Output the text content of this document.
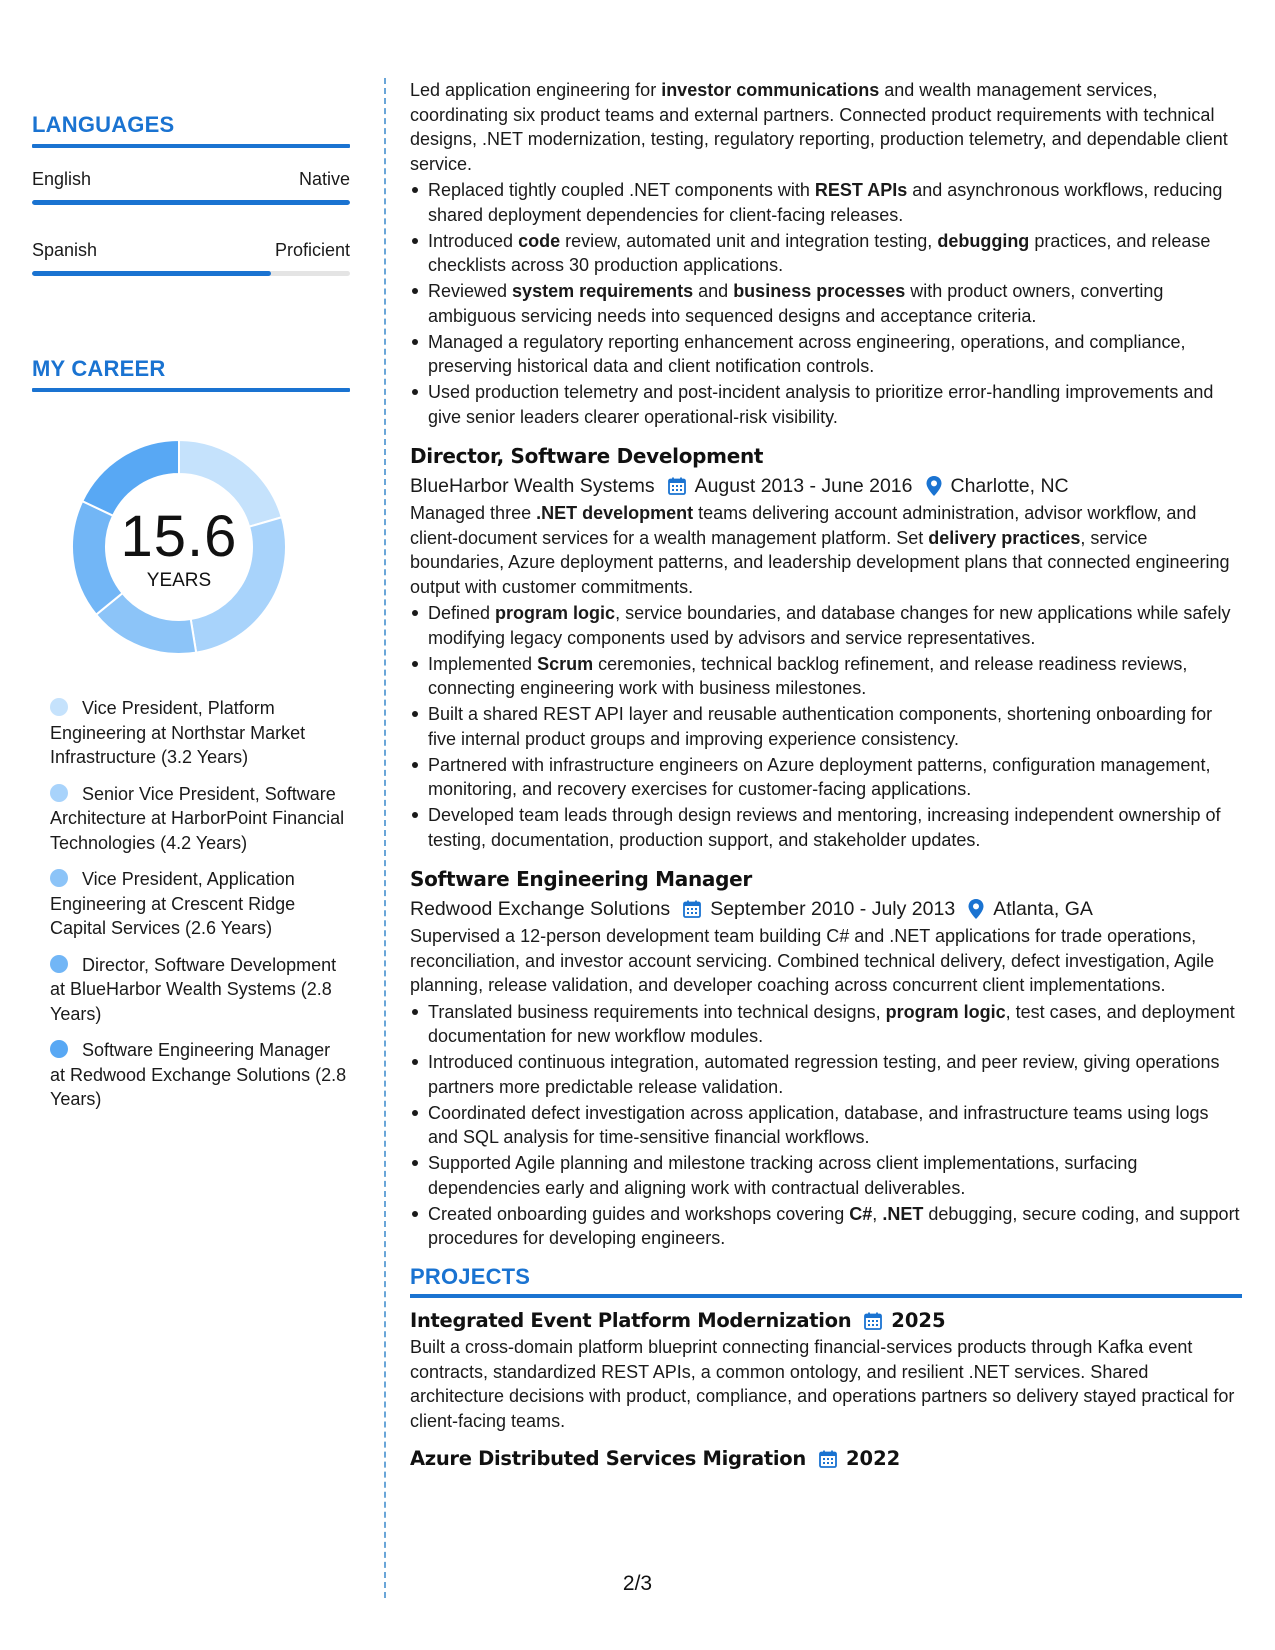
LANGUAGES
English	Native
Spanish	Proficient
MY CAREER
15.6
YEARS
Vice President, Platform Engineering at Northstar Market Infrastructure (3.2 Years)
Senior Vice President, Software Architecture at HarborPoint Financial Technologies (4.2 Years)
Vice President, Application Engineering at Crescent Ridge Capital Services (2.6 Years)
Director, Software Development at BlueHarbor Wealth Systems (2.8 Years)
Software Engineering Manager at Redwood Exchange Solutions (2.8 Years)

Led application engineering for investor communications and wealth management services, coordinating six product teams and external partners. Connected product requirements with technical designs, .NET modernization, testing, regulatory reporting, production telemetry, and dependable client service.

Replaced tightly coupled .NET components with REST APIs and asynchronous workflows, reducing shared deployment dependencies for client-facing releases.
Introduced code review, automated unit and integration testing, debugging practices, and release checklists across 30 production applications.
Reviewed system requirements and business processes with product owners, converting ambiguous servicing needs into sequenced designs and acceptance criteria.
Managed a regulatory reporting enhancement across engineering, operations, and compliance, preserving historical data and client notification controls.
Used production telemetry and post-incident analysis to prioritize error-handling improvements and give senior leaders clearer operational-risk visibility.
Director, Software Development
BlueHarbor Wealth Systems August 2013 - June 2016 Charlotte, NC

Managed three .NET development teams delivering account administration, advisor workflow, and client-document services for a wealth management platform. Set delivery practices, service boundaries, Azure deployment patterns, and leadership development plans that connected engineering output with customer commitments.

Defined program logic, service boundaries, and database changes for new applications while safely modifying legacy components used by advisors and service representatives.
Implemented Scrum ceremonies, technical backlog refinement, and release readiness reviews, connecting engineering work with business milestones.
Built a shared REST API layer and reusable authentication components, shortening onboarding for five internal product groups and improving experience consistency.
Partnered with infrastructure engineers on Azure deployment patterns, configuration management, monitoring, and recovery exercises for customer-facing applications.
Developed team leads through design reviews and mentoring, increasing independent ownership of testing, documentation, production support, and stakeholder updates.
Software Engineering Manager
Redwood Exchange Solutions September 2010 - July 2013 Atlanta, GA

Supervised a 12-person development team building C# and .NET applications for trade operations, reconciliation, and investor account servicing. Combined technical delivery, defect investigation, Agile planning, release validation, and developer coaching across concurrent client implementations.

Translated business requirements into technical designs, program logic, test cases, and deployment documentation for new workflow modules.
Introduced continuous integration, automated regression testing, and peer review, giving operations partners more predictable release validation.
Coordinated defect investigation across application, database, and infrastructure teams using logs and SQL analysis for time-sensitive financial workflows.
Supported Agile planning and milestone tracking across client implementations, surfacing dependencies early and aligning work with contractual deliverables.
Created onboarding guides and workshops covering C#, .NET debugging, secure coding, and support procedures for developing engineers.
PROJECTS
Integrated Event Platform Modernization 2025

Built a cross-domain platform blueprint connecting financial-services products through Kafka event contracts, standardized REST APIs, a common ontology, and resilient .NET services. Shared architecture decisions with product, compliance, and operations partners so delivery stayed practical for client-facing teams.

Azure Distributed Services Migration 2022
2/3
